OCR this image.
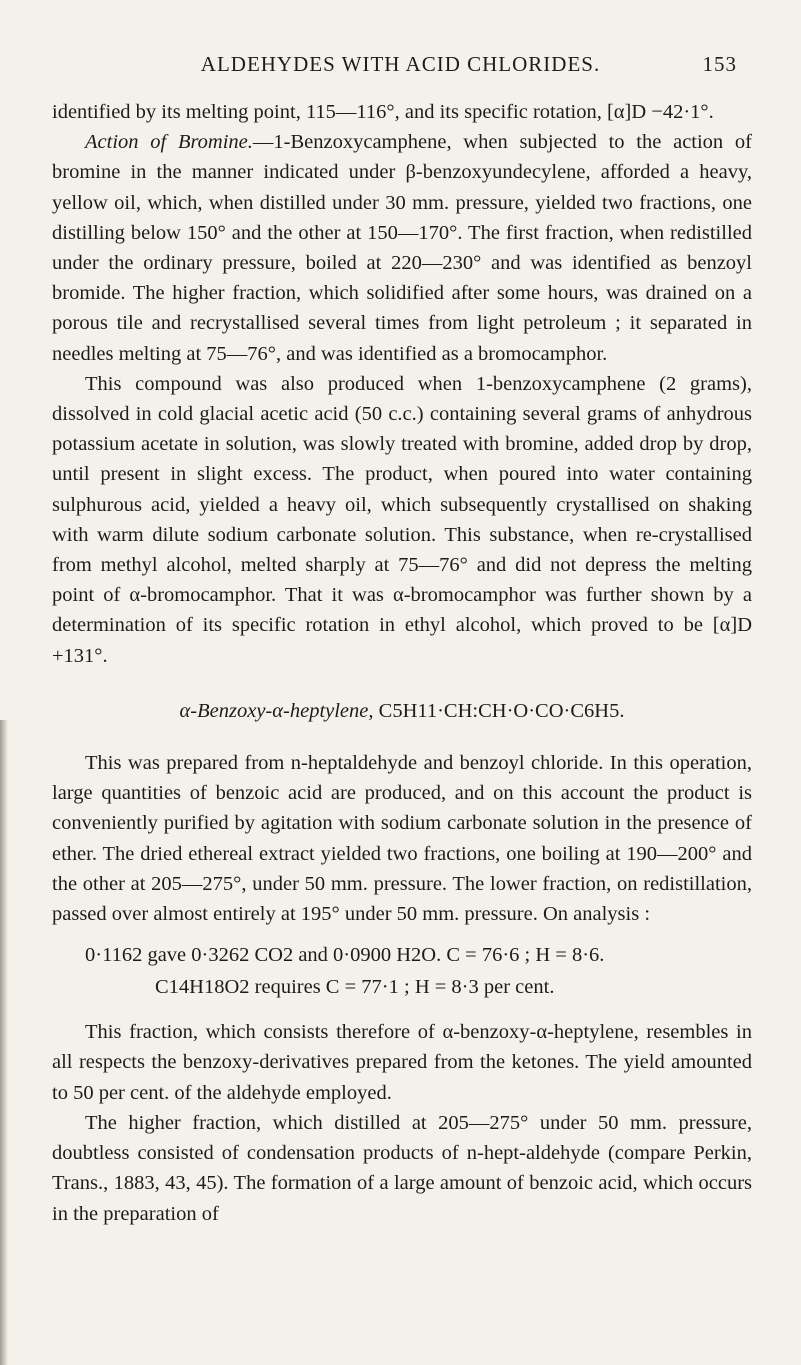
ALDEHYDES WITH ACID CHLORIDES.	153

identified by its melting point, 115—116°, and its specific rotation, [α]D −42·1°.

Action of Bromine.—1-Benzoxycamphene, when subjected to the action of bromine in the manner indicated under β-benzoxyundecylene, afforded a heavy, yellow oil, which, when distilled under 30 mm. pressure, yielded two fractions, one distilling below 150° and the other at 150—170°. The first fraction, when redistilled under the ordinary pressure, boiled at 220—230° and was identified as benzoyl bromide. The higher fraction, which solidified after some hours, was drained on a porous tile and recrystallised several times from light petroleum ; it separated in needles melting at 75—76°, and was identified as a bromocamphor.

This compound was also produced when 1-benzoxycamphene (2 grams), dissolved in cold glacial acetic acid (50 c.c.) containing several grams of anhydrous potassium acetate in solution, was slowly treated with bromine, added drop by drop, until present in slight excess. The product, when poured into water containing sulphurous acid, yielded a heavy oil, which subsequently crystallised on shaking with warm dilute sodium carbonate solution. This substance, when re-crystallised from methyl alcohol, melted sharply at 75—76° and did not depress the melting point of α-bromocamphor. That it was α-bromocamphor was further shown by a determination of its specific rotation in ethyl alcohol, which proved to be [α]D +131°.

α-Benzoxy-α-heptylene, C5H11·CH:CH·O·CO·C6H5.

This was prepared from n-heptaldehyde and benzoyl chloride. In this operation, large quantities of benzoic acid are produced, and on this account the product is conveniently purified by agitation with sodium carbonate solution in the presence of ether. The dried ethereal extract yielded two fractions, one boiling at 190—200° and the other at 205—275°, under 50 mm. pressure. The lower fraction, on redistillation, passed over almost entirely at 195° under 50 mm. pressure. On analysis :

0·1162 gave 0·3262 CO2 and 0·0900 H2O. C = 76·6 ; H = 8·6.
C14H18O2 requires C = 77·1 ; H = 8·3 per cent.

This fraction, which consists therefore of α-benzoxy-α-heptylene, resembles in all respects the benzoxy-derivatives prepared from the ketones. The yield amounted to 50 per cent. of the aldehyde employed.

The higher fraction, which distilled at 205—275° under 50 mm. pressure, doubtless consisted of condensation products of n-hept-aldehyde (compare Perkin, Trans., 1883, 43, 45). The formation of a large amount of benzoic acid, which occurs in the preparation of
